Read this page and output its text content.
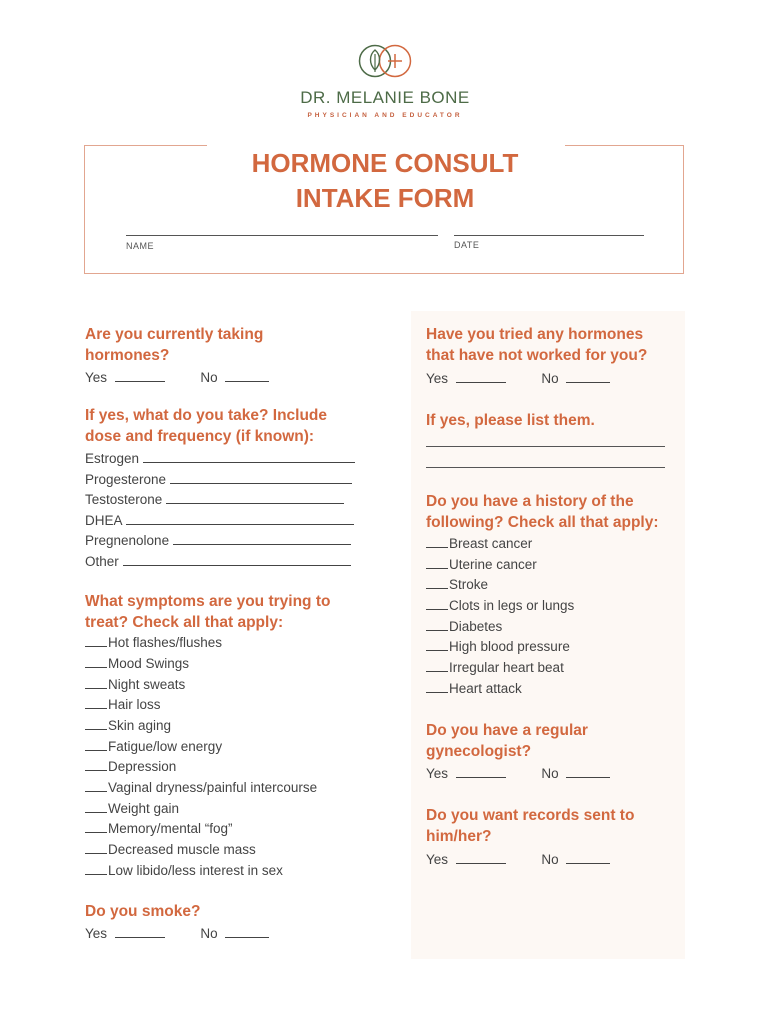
DR. MELANIE BONE
PHYSICIAN AND EDUCATOR
HORMONE CONSULT
INTAKE FORM
NAME	DATE
Are you currently taking
hormones?
Yes	No
If yes, what do you take? Include
dose and frequency (if known):
Estrogen
Progesterone
Testosterone
DHEA
Pregnenolone
Other
What symptoms are you trying to
treat? Check all that apply:
Hot flashes/flushes
Mood Swings
Night sweats
Hair loss
Skin aging
Fatigue/low energy
Depression
Vaginal dryness/painful intercourse
Weight gain
Memory/mental “fog”
Decreased muscle mass
Low libido/less interest in sex
Do you smoke?
Yes	No
Have you tried any hormones
that have not worked for you?
Yes	No
If yes, please list them.
Do you have a history of the
following? Check all that apply:
Breast cancer
Uterine cancer
Stroke
Clots in legs or lungs
Diabetes
High blood pressure
Irregular heart beat
Heart attack
Do you have a regular
gynecologist?
Yes	No
Do you want records sent to
him/her?
Yes	No
